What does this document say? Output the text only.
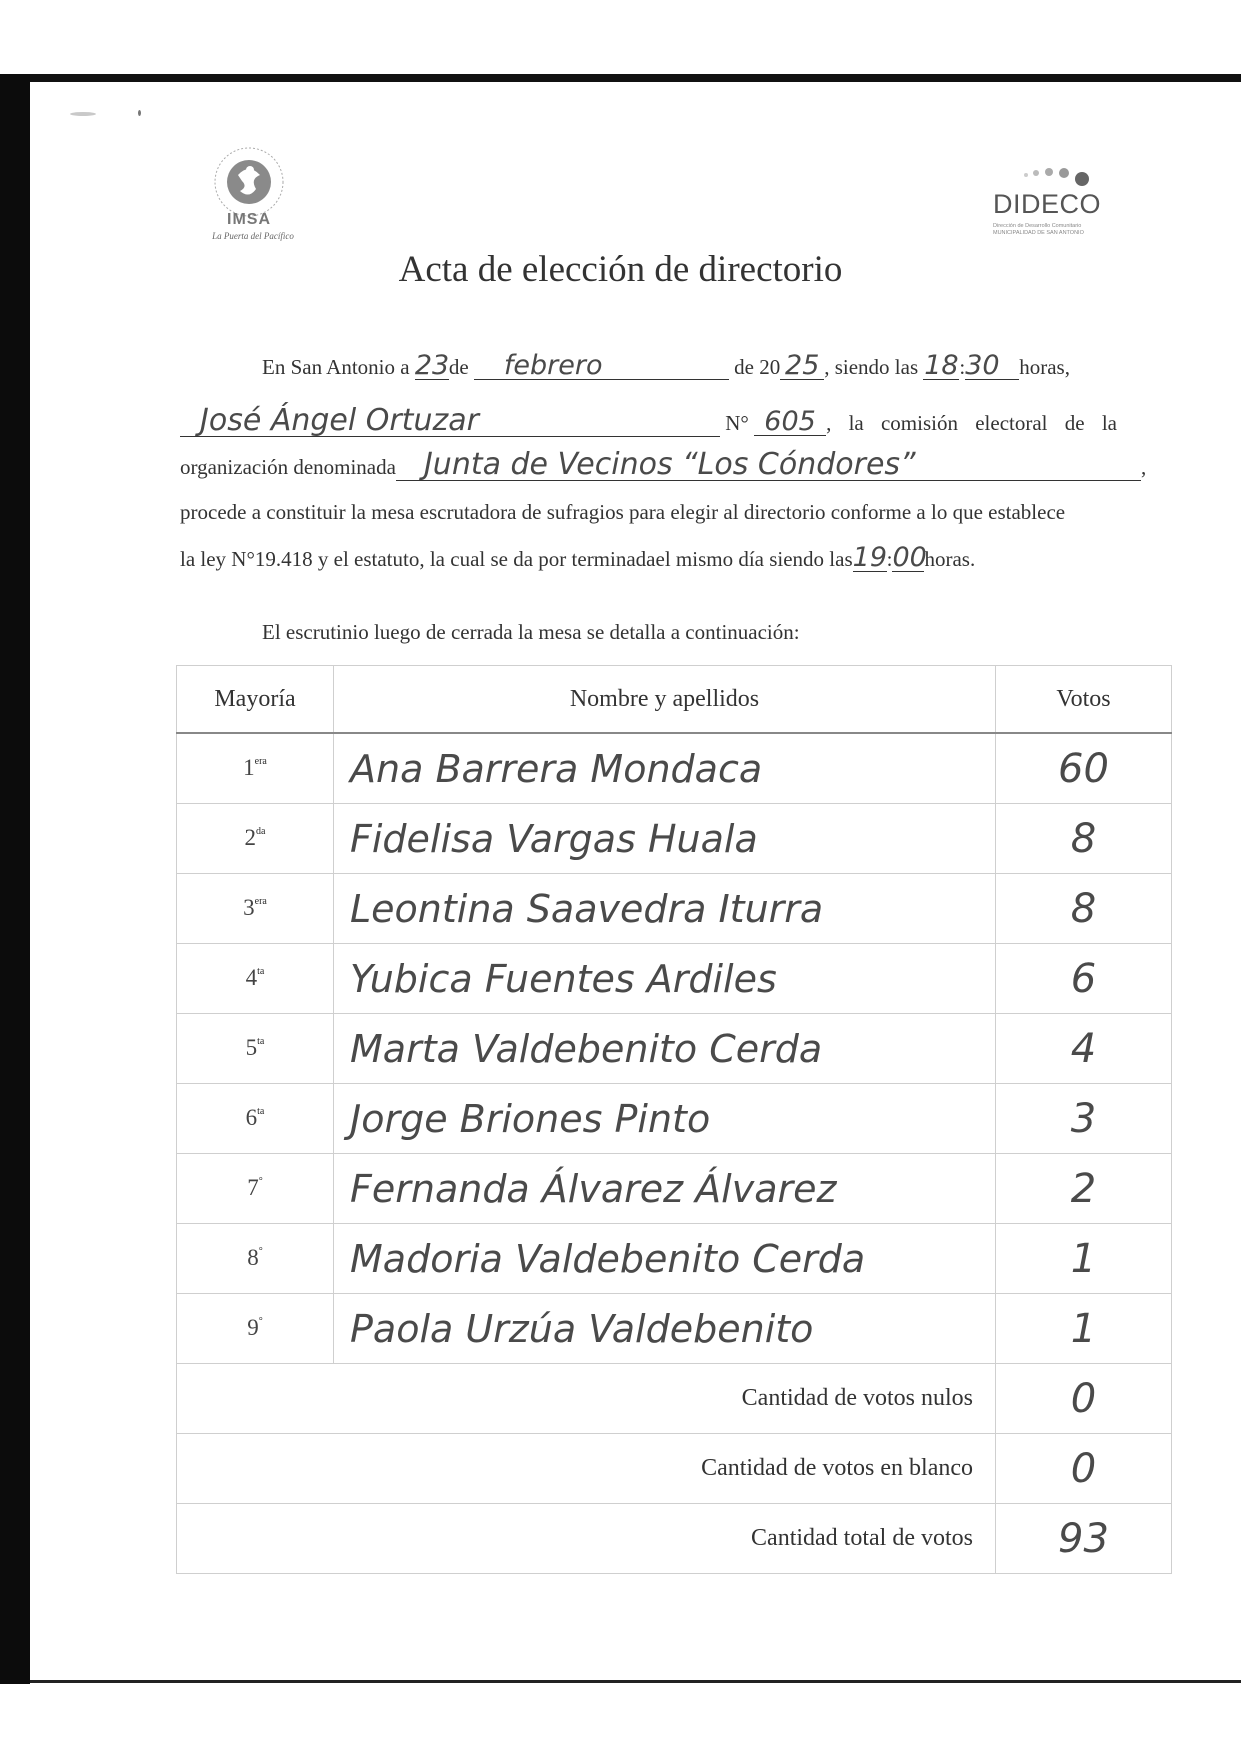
IMSA
La Puerta del Pacífico
DIDECO
Dirección de Desarrollo Comunitario
MUNICIPALIDAD DE SAN ANTONIO
Acta de elección de directorio
En San Antonio a 23de febrero	de 20 25 , siendo las 18:30 horas,
José Ángel Ortuzar	N° 605 , la comisión electoral de la
organización denominada Junta de Vecinos “Los Cóndores”	,
procede a constituir la mesa escrutadora de sufragios para elegir al directorio conforme a lo que establece
la ley N°19.418 y el estatuto, la cual se da por terminadael mismo día siendo las19:00horas.
El escrutinio luego de cerrada la mesa se detalla a continuación:
Mayoría	Nombre y apellidos	Votos
$1^{era}$	Ana Barrera Mondaca	60
$2^{da}$	Fidelisa Vargas Huala	8
$3^{era}$	Leontina Saavedra Iturra	8
$4^{ta}$	Yubica Fuentes Ardiles	6
$5^{ta}$	Marta Valdebenito Cerda	4
$6^{ta}$	Jorge Briones Pinto	3
7°	Fernanda Álvarez Álvarez	2
8°	Madoria Valdebenito Cerda	1
9°	Paola Urzúa Valdebenito	1
Cantidad de votos nulos		0
Cantidad de votos en blanco		0
Cantidad total de votos		93
